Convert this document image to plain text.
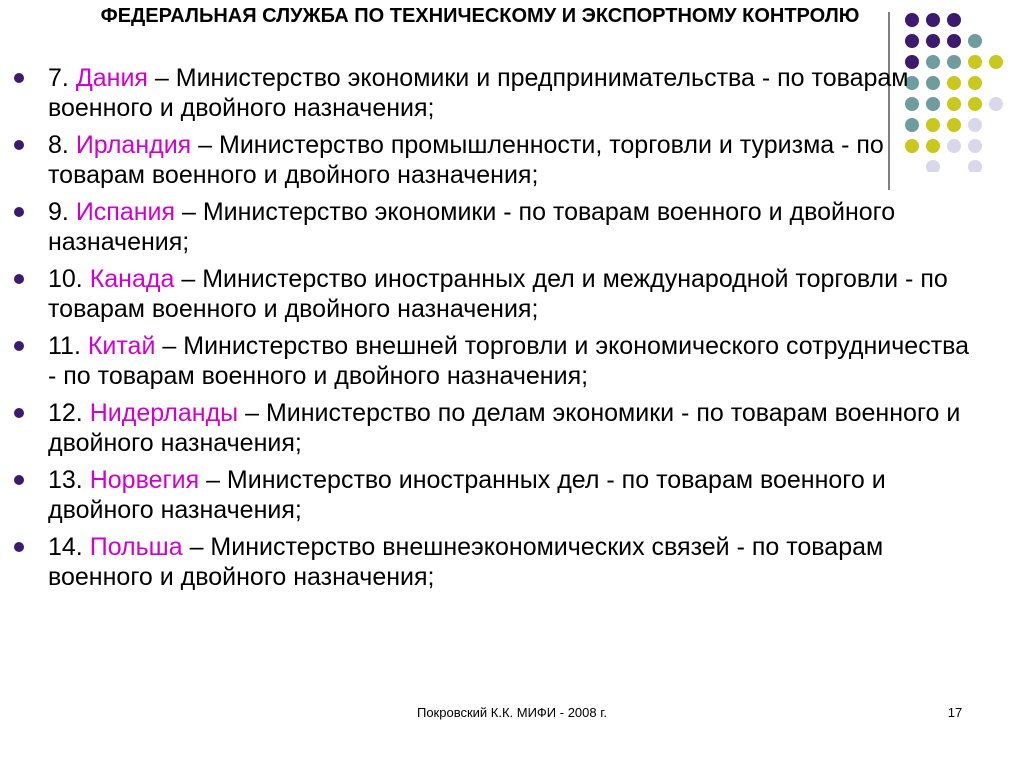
ФЕДЕРАЛЬНАЯ СЛУЖБА ПО ТЕХНИЧЕСКОМУ И ЭКСПОРТНОМУ КОНТРОЛЮ
7. Дания – Министерство экономики и предпринимательства - по товарам военного и двойного назначения;
8. Ирландия – Министерство промышленности, торговли и туризма - по товарам военного и двойного назначения;
9. Испания – Министерство экономики - по товарам военного и двойного назначения;
10. Канада – Министерство иностранных дел и международной торговли - по товарам военного и двойного назначения;
11. Китай – Министерство внешней торговли и экономического сотрудничества - по товарам военного и двойного назначения;
12. Нидерланды – Министерство по делам экономики - по товарам военного и двойного назначения;
13. Норвегия – Министерство иностранных дел - по товарам военного и двойного назначения;
14. Польша – Министерство внешнеэкономических связей - по товарам военного и двойного назначения;
Покровский К.К. МИФИ - 2008 г.	17
